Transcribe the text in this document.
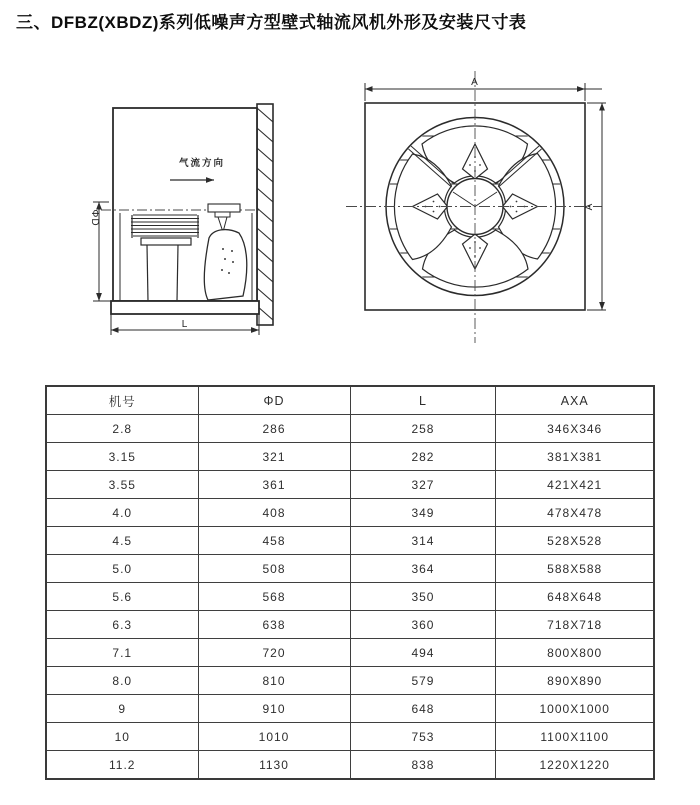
三、DFBZ(XBDZ)系列低噪声方型壁式轴流风机外形及安装尺寸表
气流方向
ΦD
L
A
A
机号	ΦD	L	AXA
2.8	286	258	346X346
3.15	321	282	381X381
3.55	361	327	421X421
4.0	408	349	478X478
4.5	458	314	528X528
5.0	508	364	588X588
5.6	568	350	648X648
6.3	638	360	718X718
7.1	720	494	800X800
8.0	810	579	890X890
9	910	648	1000X1000
10	1010	753	1100X1100
11.2	1130	838	1220X1220
